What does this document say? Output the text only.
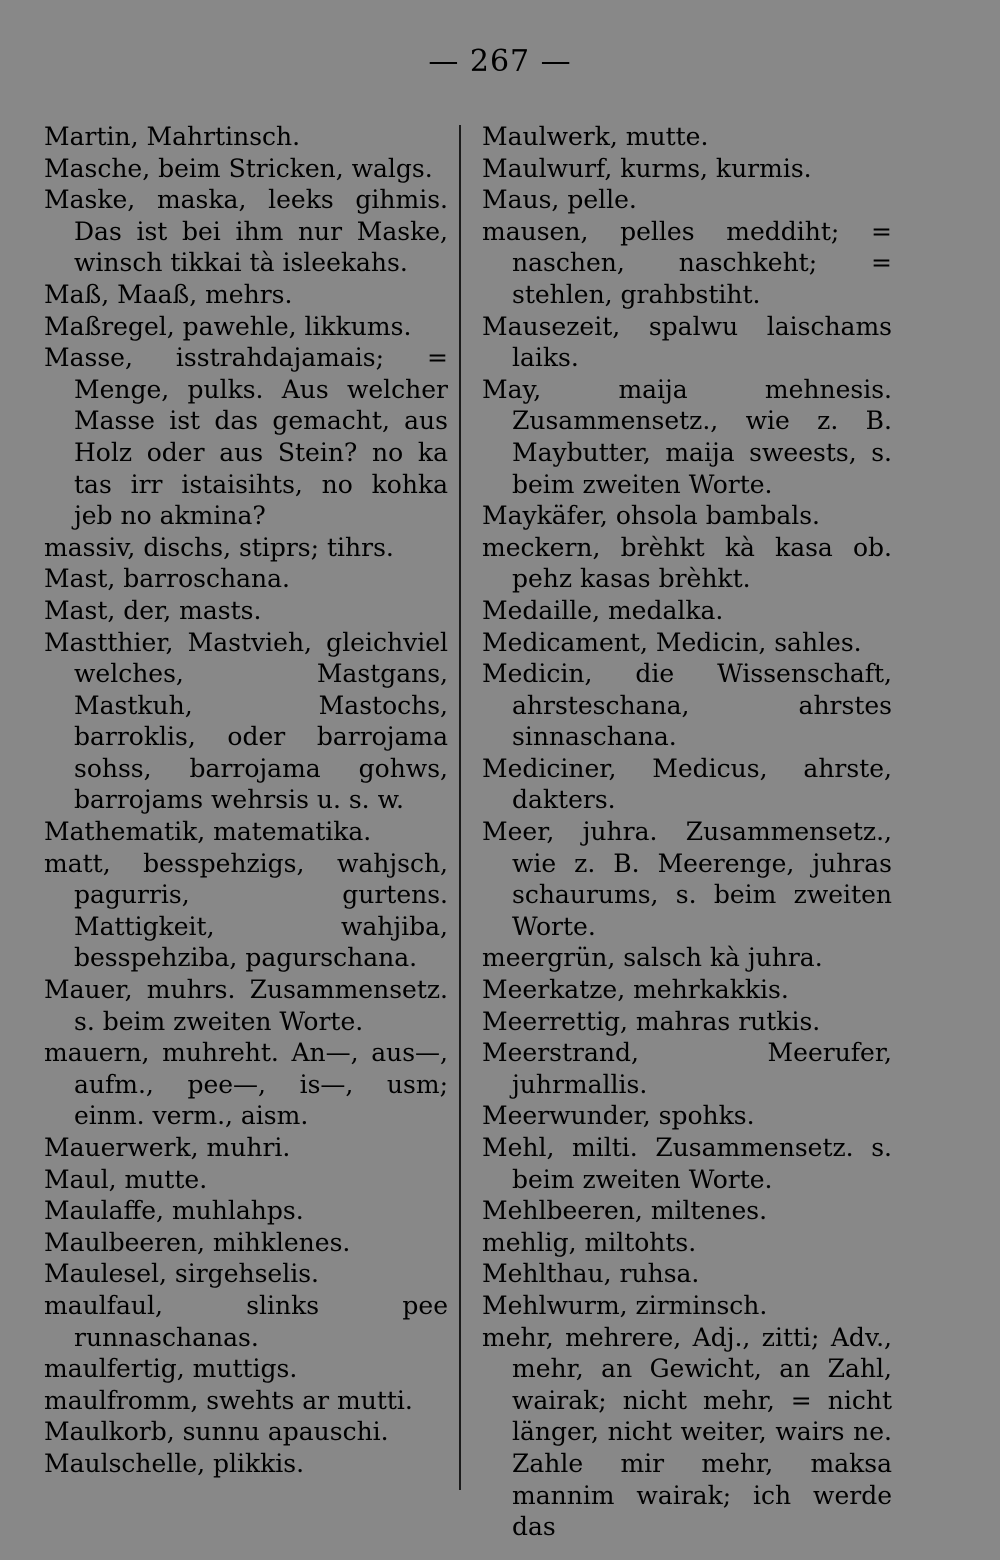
— 267 —
Martin, Mahrtinsch.
Masche, beim Stricken, walgs.
Maske, maska, leeks gihmis. Das ist bei ihm nur Maske, winsch tikkai tà isleekahs.
Maß, Maaß, mehrs.
Maßregel, pawehle, likkums.
Masse, isstrahdajamais; = Menge, pulks. Aus welcher Masse ist das gemacht, aus Holz oder aus Stein? no ka tas irr istaisihts, no kohka jeb no akmina?
massiv, dischs, stiprs; tihrs.
Mast, barroschana.
Mast, der, masts.
Mastthier, Mastvieh, gleichviel welches, Mastgans, Mastkuh, Mastochs, barroklis, oder barrojama sohss, barrojama gohws, barrojams wehrsis u. s. w.
Mathematik, matematika.
matt, besspehzigs, wahjsch, pagurris, gurtens. Mattigkeit, wahjiba, besspehziba, pagurschana.
Mauer, muhrs. Zusammensetz. s. beim zweiten Worte.
mauern, muhreht. An—, aus—, aufm., pee—, is—, usm; einm. verm., aism.
Mauerwerk, muhri.
Maul, mutte.
Maulaffe, muhlahps.
Maulbeeren, mihklenes.
Maulesel, sirgehselis.
maulfaul, slinks pee runnaschanas.
maulfertig, muttigs.
maulfromm, swehts ar mutti.
Maulkorb, sunnu apauschi.
Maulschelle, plikkis.
Maulwerk, mutte.
Maulwurf, kurms, kurmis.
Maus, pelle.
mausen, pelles meddiht; = naschen, naschkeht; = stehlen, grahbstiht.
Mausezeit, spalwu laischams laiks.
May, maija mehnesis. Zusammensetz., wie z. B. Maybutter, maija sweests, s. beim zweiten Worte.
Maykäfer, ohsola bambals.
meckern, brèhkt kà kasa ob. pehz kasas brèhkt.
Medaille, medalka.
Medicament, Medicin, sahles.
Medicin, die Wissenschaft, ahrsteschana, ahrstes sinnaschana.
Mediciner, Medicus, ahrste, dakters.
Meer, juhra. Zusammensetz., wie z. B. Meerenge, juhras schaurums, s. beim zweiten Worte.
meergrün, salsch kà juhra.
Meerkatze, mehrkakkis.
Meerrettig, mahras rutkis.
Meerstrand, Meerufer, juhrmallis.
Meerwunder, spohks.
Mehl, milti. Zusammensetz. s. beim zweiten Worte.
Mehlbeeren, miltenes.
mehlig, miltohts.
Mehlthau, ruhsa.
Mehlwurm, zirminsch.
mehr, mehrere, Adj., zitti; Adv., mehr, an Gewicht, an Zahl, wairak; nicht mehr, = nicht länger, nicht weiter, wairs ne. Zahle mir mehr, maksa mannim wairak; ich werde das
